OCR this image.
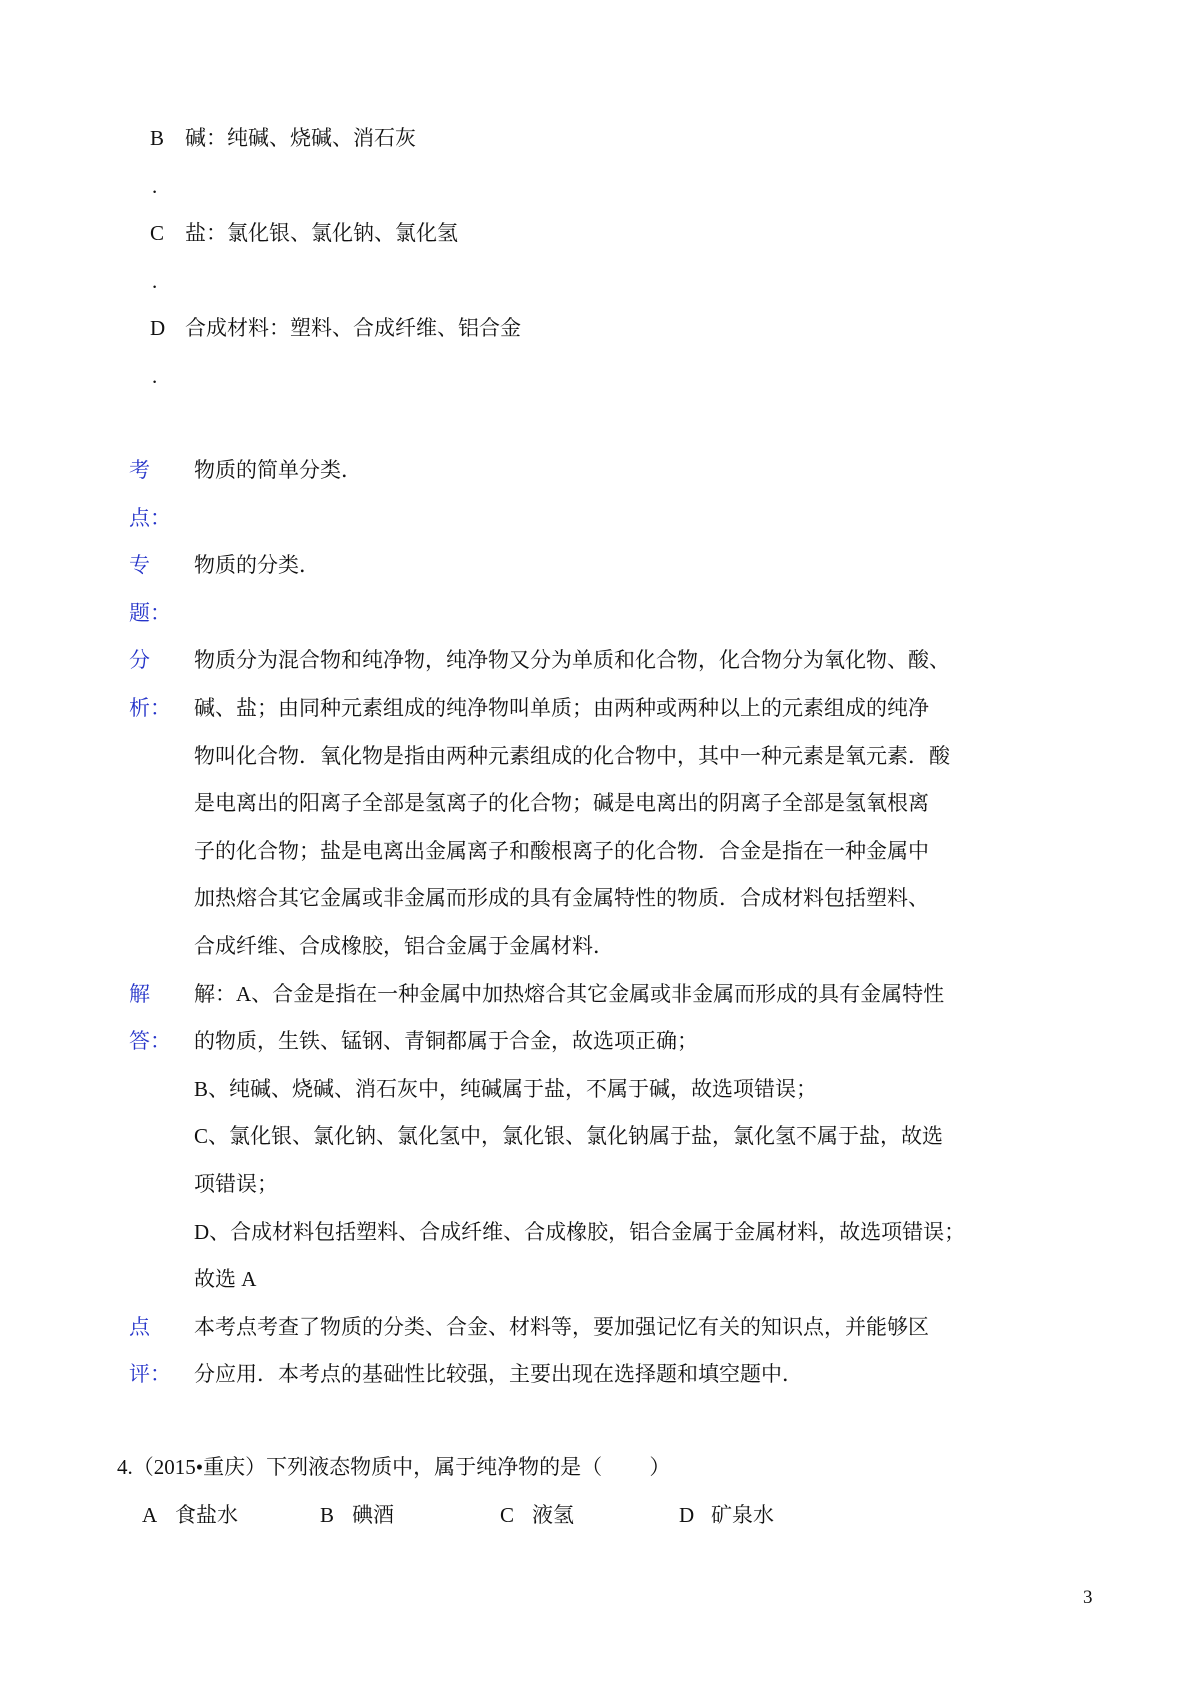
B 碱：纯碱、烧碱、消石灰
.
C 盐：氯化银、氯化钠、氯化氢
.
D 合成材料：塑料、合成纤维、铝合金
.
考
点：
物质的简单分类．
专
题：
物质的分类．
分
析：
物质分为混合物和纯净物，纯净物又分为单质和化合物，化合物分为氧化物、酸、
碱、盐；由同种元素组成的纯净物叫单质；由两种或两种以上的元素组成的纯净
物叫化合物．氧化物是指由两种元素组成的化合物中，其中一种元素是氧元素．酸
是电离出的阳离子全部是氢离子的化合物；碱是电离出的阴离子全部是氢氧根离
子的化合物；盐是电离出金属离子和酸根离子的化合物．合金是指在一种金属中
加热熔合其它金属或非金属而形成的具有金属特性的物质．合成材料包括塑料、
合成纤维、合成橡胶，铝合金属于金属材料．
解
答：
解：A、合金是指在一种金属中加热熔合其它金属或非金属而形成的具有金属特性
的物质，生铁、锰钢、青铜都属于合金，故选项正确；
B、纯碱、烧碱、消石灰中，纯碱属于盐，不属于碱，故选项错误；
C、氯化银、氯化钠、氯化氢中，氯化银、氯化钠属于盐，氯化氢不属于盐，故选
项错误；
D、合成材料包括塑料、合成纤维、合成橡胶，铝合金属于金属材料，故选项错误；
故选 A
点
评：
本考点考查了物质的分类、合金、材料等，要加强记忆有关的知识点，并能够区
分应用．本考点的基础性比较强，主要出现在选择题和填空题中．
4.（2015•重庆）下列液态物质中，属于纯净物的是（　　 ）
A 食盐水	B 碘酒	C 液氢	D 矿泉水
3
